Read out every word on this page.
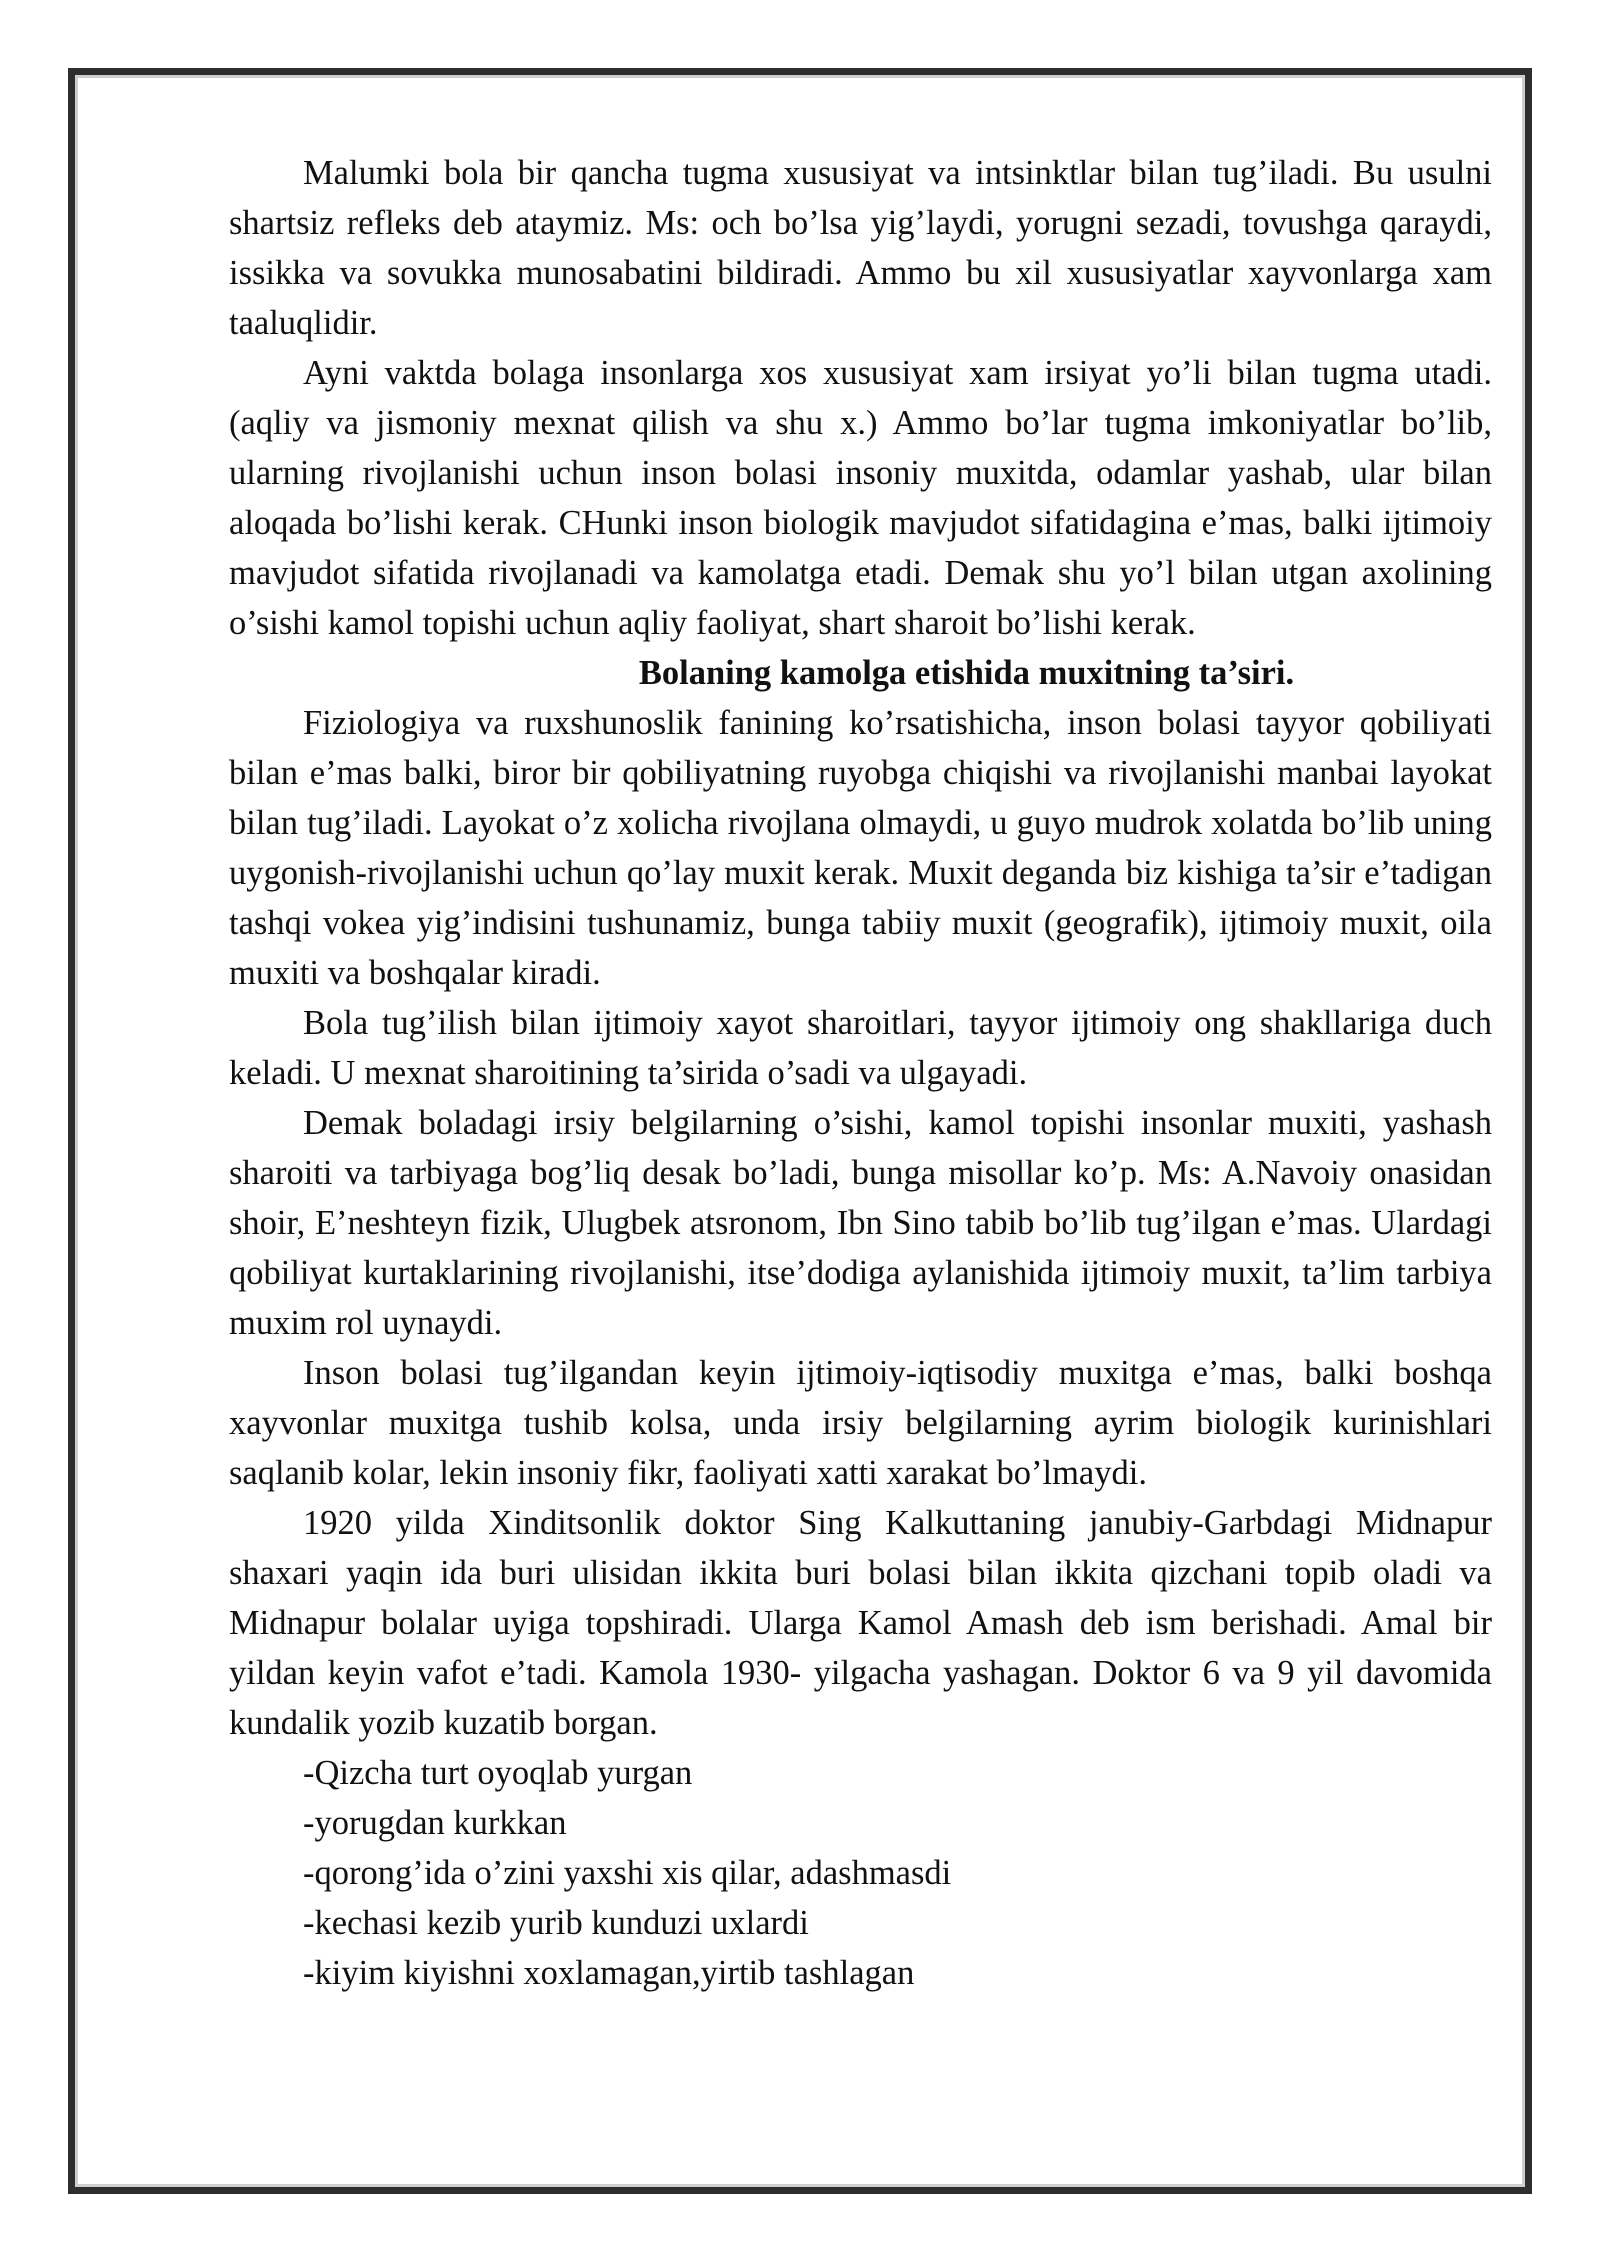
Malumki bola bir qancha tugma xususiyat va intsinktlar bilan tug’iladi. Bu usulni shartsiz refleks deb ataymiz. Ms: och bo’lsa yig’laydi, yorugni sezadi, tovushga qaraydi, issikka va sovukka munosabatini bildiradi. Ammo bu xil xususiyatlar xayvonlarga xam taaluqlidir.

Ayni vaktda bolaga insonlarga xos xususiyat xam irsiyat yo’li bilan tugma utadi. (aqliy va jismoniy mexnat qilish va shu x.) Ammo bo’lar tugma imkoniyatlar bo’lib, ularning rivojlanishi uchun inson bolasi insoniy muxitda, odamlar yashab, ular bilan aloqada bo’lishi kerak. CHunki inson biologik mavjudot sifatidagina e’mas, balki ijtimoiy mavjudot sifatida rivojlanadi va kamolatga etadi. Demak shu yo’l bilan utgan axolining o’sishi kamol topishi uchun aqliy faoliyat, shart sharoit bo’lishi kerak.

Bolaning kamolga etishida muxitning ta’siri.

Fiziologiya va ruxshunoslik fanining ko’rsatishicha, inson bolasi tayyor qobiliyati bilan e’mas balki, biror bir qobiliyatning ruyobga chiqishi va rivojlanishi manbai layokat bilan tug’iladi. Layokat o’z xolicha rivojlana olmaydi, u guyo mudrok xolatda bo’lib uning uygonish-rivojlanishi uchun qo’lay muxit kerak. Muxit deganda biz kishiga ta’sir e’tadigan tashqi vokea yig’indisini tushunamiz, bunga tabiiy muxit (geografik), ijtimoiy muxit, oila muxiti va boshqalar kiradi.

Bola tug’ilish bilan ijtimoiy xayot sharoitlari, tayyor ijtimoiy ong shakllariga duch keladi. U mexnat sharoitining ta’sirida o’sadi va ulgayadi.

Demak boladagi irsiy belgilarning o’sishi, kamol topishi insonlar muxiti, yashash sharoiti va tarbiyaga bog’liq desak bo’ladi, bunga misollar ko’p. Ms: A.Navoiy onasidan shoir, E’neshteyn fizik, Ulugbek atsronom, Ibn Sino tabib bo’lib tug’ilgan e’mas. Ulardagi qobiliyat kurtaklarining rivojlanishi, itse’dodiga aylanishida ijtimoiy muxit, ta’lim tarbiya muxim rol uynaydi.

Inson bolasi tug’ilgandan keyin ijtimoiy-iqtisodiy muxitga e’mas, balki boshqa xayvonlar muxitga tushib kolsa, unda irsiy belgilarning ayrim biologik kurinishlari saqlanib kolar, lekin insoniy fikr, faoliyati xatti xarakat bo’lmaydi.

1920 yilda Xinditsonlik doktor Sing Kalkuttaning janubiy-Garbdagi Midnapur shaxari yaqin ida buri ulisidan ikkita buri bolasi bilan ikkita qizchani topib oladi va Midnapur bolalar uyiga topshiradi. Ularga Kamol Amash deb ism berishadi. Amal bir yildan keyin vafot e’tadi. Kamola 1930- yilgacha yashagan. Doktor 6 va 9 yil davomida kundalik yozib kuzatib borgan.

-Qizcha turt oyoqlab yurgan

-yorugdan kurkkan

-qorong’ida o’zini yaxshi xis qilar, adashmasdi

-kechasi kezib yurib kunduzi uxlardi

-kiyim kiyishni xoxlamagan,yirtib tashlagan
